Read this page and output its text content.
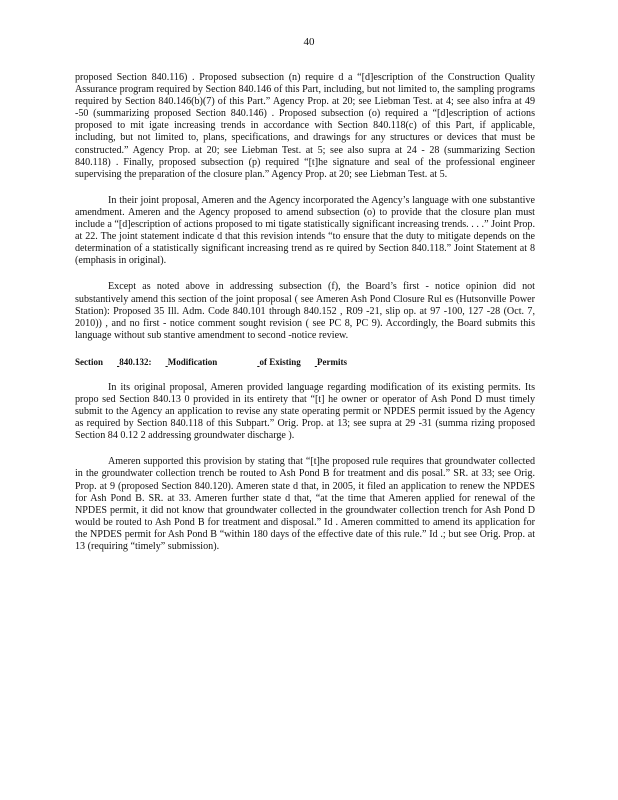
40

proposed Section 840.116) . Proposed subsection (n) require d a “[d]escription of the Construction Quality Assurance program required by Section 840.146 of this Part, including, but not limited to, the sampling programs required by Section 840.146(b)(7) of this Part.” Agency Prop. at 20; see Liebman Test. at 4; see also infra at 49 -50 (summarizing proposed Section 840.146) . Proposed subsection (o) required a “[d]escription of actions proposed to mit igate increasing trends in accordance with Section 840.118(c) of this Part, if applicable, including, but not limited to, plans, specifications, and drawings for any structures or devices that must be constructed.” Agency Prop. at 20; see Liebman Test. at 5; see also supra at 24 - 28 (summarizing Section 840.118) . Finally, proposed subsection (p) required “[t]he signature and seal of the professional engineer supervising the preparation of the closure plan.” Agency Prop. at 20; see Liebman Test. at 5.

In their joint proposal, Ameren and the Agency incorporated the Agency’s language with one substantive amendment. Ameren and the Agency proposed to amend subsection (o) to provide that the closure plan must include a “[d]escription of actions proposed to mi tigate statistically significant increasing trends. . . .” Joint Prop. at 22. The joint statement indicate d that this revision intends “to ensure that the duty to mitigate depends on the determination of a statistically significant increasing trend as re quired by Section 840.118.” Joint Statement at 8 (emphasis in original).

Except as noted above in addressing subsection (f), the Board’s first - notice opinion did not substantively amend this section of the joint proposal ( see Ameren Ash Pond Closure Rul es (Hutsonville Power Station): Proposed 35 Ill. Adm. Code 840.101 through 840.152 , R09 -21, slip op. at 97 -100, 127 -28 (Oct. 7, 2010)) , and no first - notice comment sought revision ( see PC 8, PC 9). Accordingly, the Board submits this language without sub stantive amendment to second -notice review.

Section 840.132: Modification	of Existing Permits

In its original proposal, Ameren provided language regarding modification of its existing permits. Its propo sed Section 840.13 0 provided in its entirety that “[t] he owner or operator of Ash Pond D must timely submit to the Agency an application to revise any state operating permit or NPDES permit issued by the Agency as required by Section 840.118 of this Subpart.” Orig. Prop. at 13; see supra at 29 -31 (summa rizing proposed Section 84 0.12 2 addressing groundwater discharge ).

Ameren supported this provision by stating that “[t]he proposed rule requires that groundwater collected in the groundwater collection trench be routed to Ash Pond B for treatment and dis posal.” SR. at 33; see Orig. Prop. at 9 (proposed Section 840.120). Ameren state d that, in 2005, it filed an application to renew the NPDES for Ash Pond B. SR. at 33. Ameren further state d that, “at the time that Ameren applied for renewal of the NPDES permit, it did not know that groundwater collected in the groundwater collection trench for Ash Pond D would be routed to Ash Pond B for treatment and disposal.” Id . Ameren committed to amend its application for the NPDES permit for Ash Pond B “within 180 days of the effective date of this rule.” Id .; but see Orig. Prop. at 13 (requiring “timely” submission).
